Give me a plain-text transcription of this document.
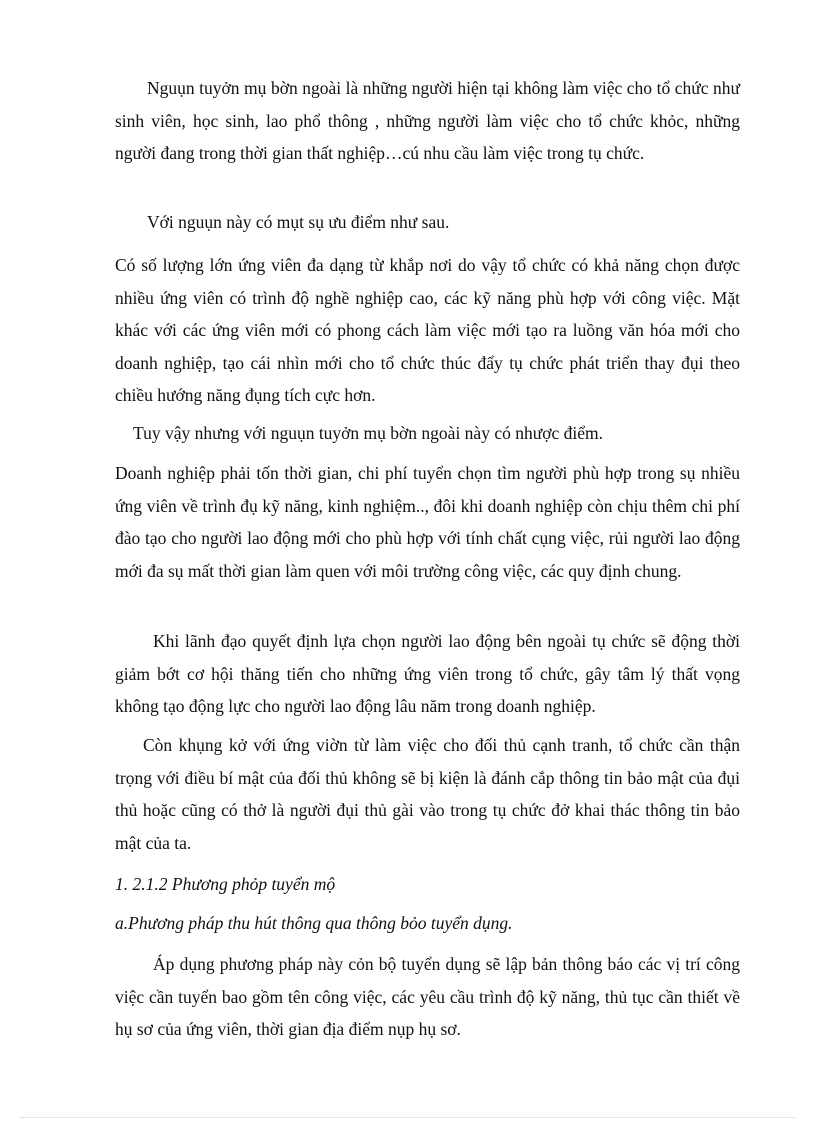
Nguụn tuyởn mụ bờn ngoài là những người hiện tại không làm việc cho tổ chức như sinh viên, học sinh, lao phổ thông , những người làm việc cho tổ chức khỏc, những người đang trong thời gian thất nghiệp…cú nhu cầu làm việc trong tụ chức.

Với nguụn này có mụt sụ ưu điểm như sau.

Có số lượng lớn ứng viên đa dạng từ khắp nơi do vậy tổ chức có khả năng chọn được nhiều ứng viên có trình độ nghề nghiệp cao, các kỹ năng phù hợp với công việc. Mặt khác với các ứng viên mới có phong cách làm việc mới tạo ra luồng văn hóa mới cho doanh nghiệp, tạo cái nhìn mới cho tổ chức thúc đẩy tụ chức phát triển thay đụi theo chiều hướng năng đụng tích cực hơn.

Tuy vậy nhưng với nguụn tuyởn mụ bờn ngoài này có nhược điểm.

Doanh nghiệp phải tốn thời gian, chi phí tuyển chọn tìm người phù hợp trong sụ nhiều ứng viên về trình đụ kỹ năng, kinh nghiệm.., đôi khi doanh nghiệp còn chịu thêm chi phí đào tạo cho người lao động mới cho phù hợp với tính chất cụng việc, rủi người lao động mới đa sụ mất thời gian làm quen với môi trường công việc, các quy định chung.

Khi lãnh đạo quyết định lựa chọn người lao động bên ngoài tụ chức sẽ động thời giảm bớt cơ hội thăng tiến cho những ứng viên trong tổ chức, gây tâm lý thất vọng không tạo động lực cho người lao động lâu năm trong doanh nghiệp.

Còn khụng kở với ứng viờn từ làm việc cho đối thủ cạnh tranh, tổ chức cần thận trọng với điều bí mật của đối thủ không sẽ bị kiện là đánh cắp thông tin bảo mật của đụi thủ hoặc cũng có thở là người đụi thủ gài vào trong tụ chức đở khai thác thông tin bảo mật của ta.

1. 2.1.2 Phương phỏp tuyển mộ

a.Phương pháp thu hút thông qua thông bỏo tuyển dụng.

Áp dụng phương pháp này cỏn bộ tuyển dụng sẽ lập bản thông báo các vị trí công việc cần tuyển bao gồm tên công việc, các yêu cầu trình độ kỹ năng, thủ tục cần thiết về hụ sơ của ứng viên, thời gian địa điểm nụp hụ sơ.
